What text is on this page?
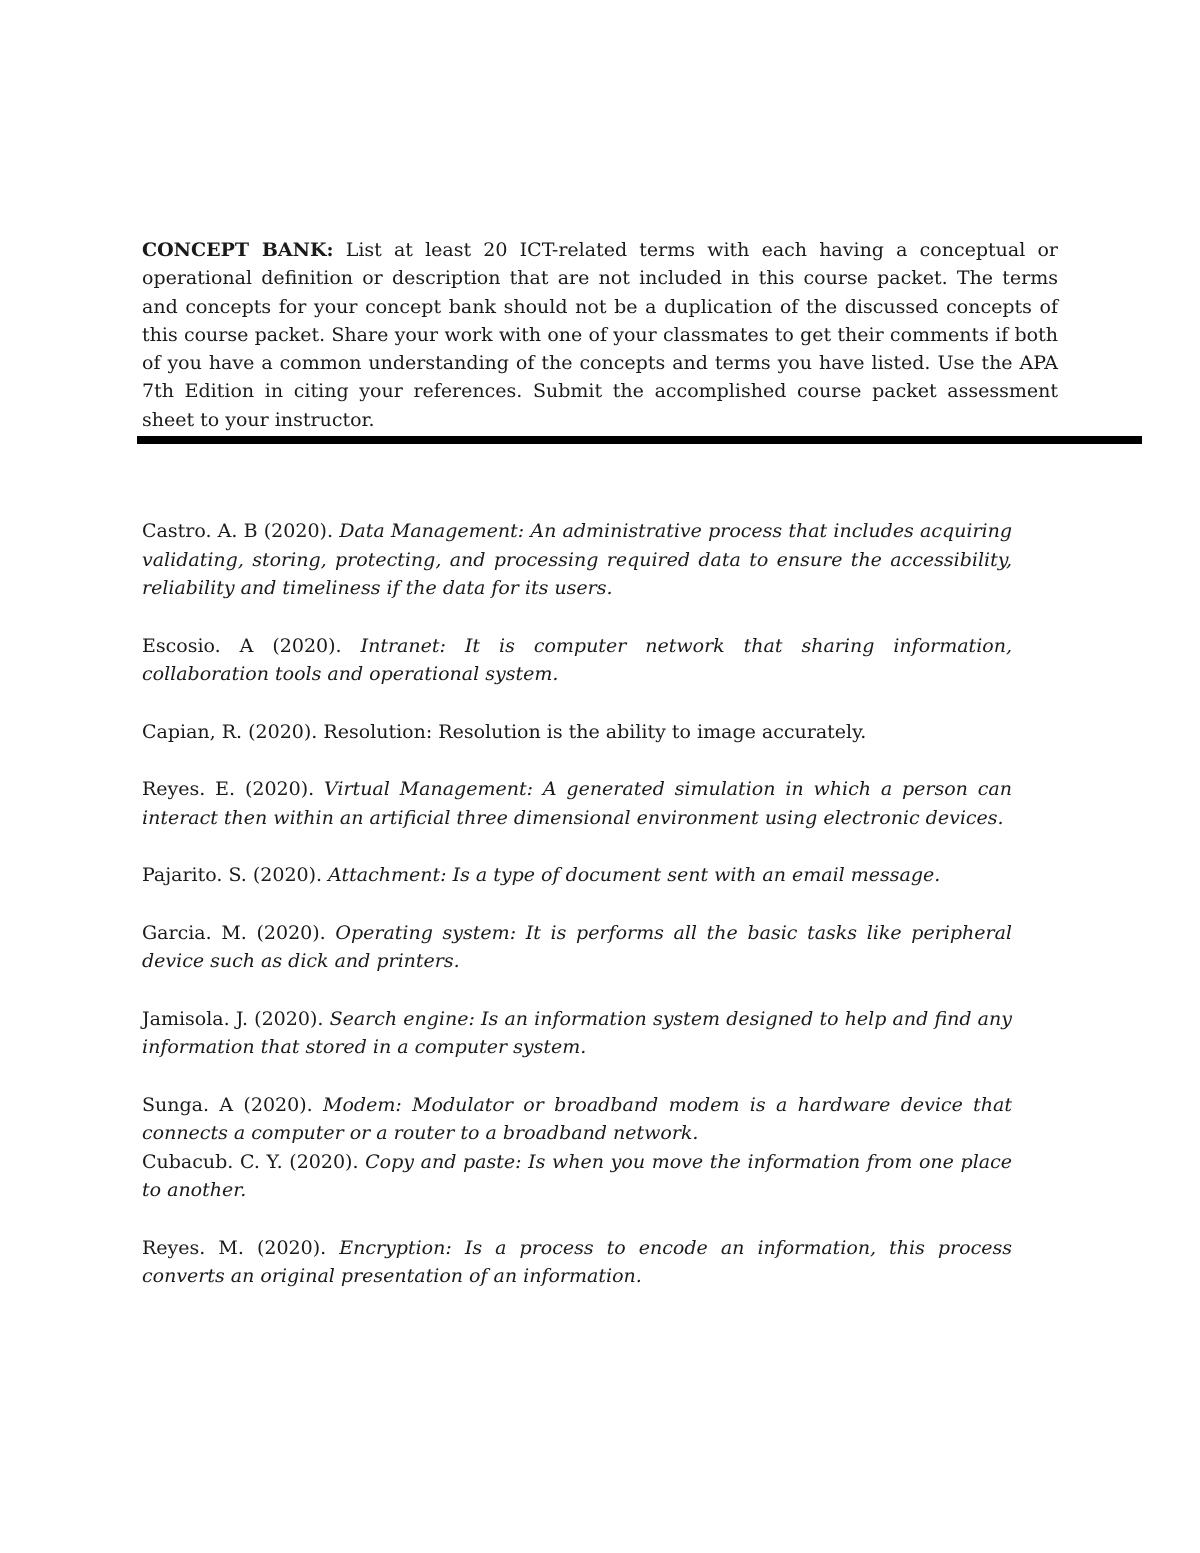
CONCEPT BANK: List at least 20 ICT-related terms with each having a conceptual or operational definition or description that are not included in this course packet. The terms and concepts for your concept bank should not be a duplication of the discussed concepts of this course packet. Share your work with one of your classmates to get their comments if both of you have a common understanding of the concepts and terms you have listed. Use the APA 7th Edition in citing your references. Submit the accomplished course packet assessment sheet to your instructor.

Castro. A. B (2020). Data Management: An administrative process that includes acquiring validating, storing, protecting, and processing required data to ensure the accessibility, reliability and timeliness if the data for its users.

Escosio. A (2020). Intranet: It is computer network that sharing information, collaboration tools and operational system.

Capian, R. (2020). Resolution: Resolution is the ability to image accurately.

Reyes. E. (2020). Virtual Management: A generated simulation in which a person can interact then within an artificial three dimensional environment using electronic devices.

Pajarito. S. (2020). Attachment: Is a type of document sent with an email message.

Garcia. M. (2020). Operating system: It is performs all the basic tasks like peripheral device such as dick and printers.

Jamisola. J. (2020). Search engine: Is an information system designed to help and find any information that stored in a computer system.

Sunga. A (2020). Modem: Modulator or broadband modem is a hardware device that connects a computer or a router to a broadband network.

Cubacub. C. Y. (2020). Copy and paste: Is when you move the information from one place to another.

Reyes. M. (2020). Encryption: Is a process to encode an information, this process converts an original presentation of an information.
